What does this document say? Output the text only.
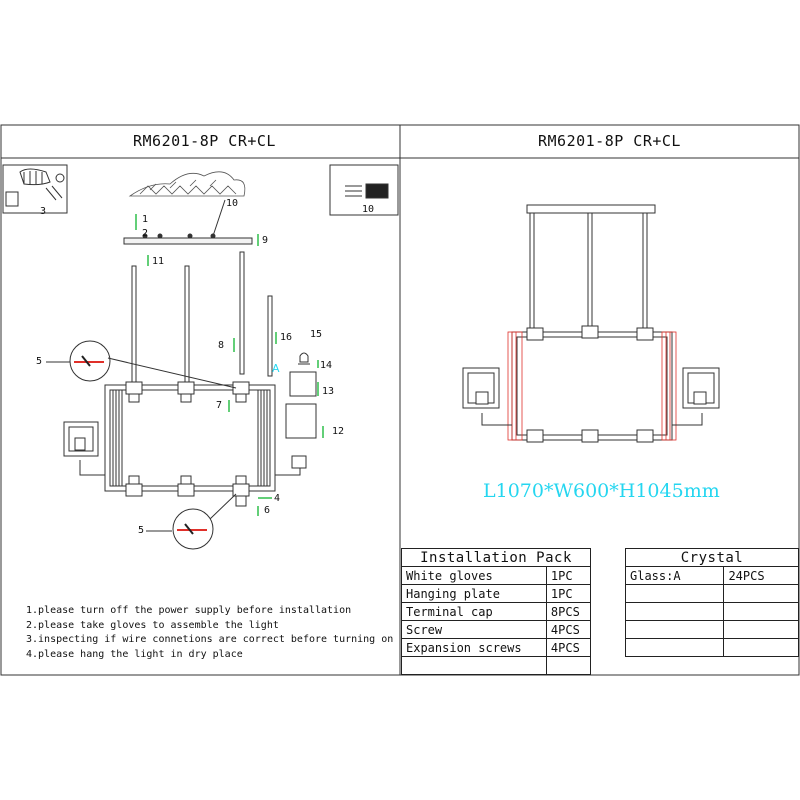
RM6201-8P CR+CL	RM6201-8P CR+CL
1
2
3
4
5
5
6
7
8
9
10
10
11
12
13
14
15
16
A
L1070*W600*H1045mm
1.please turn off the power supply before installation
2.please take gloves to assemble the light
3.inspecting if wire connetions are correct before turning on
4.please hang the light in dry place
Installation Pack	
White gloves	1PC
Hanging plate	1PC
Terminal cap	8PCS
Screw	4PCS
Expansion screws	4PCS

Crystal	
Glass:A	24PCS
